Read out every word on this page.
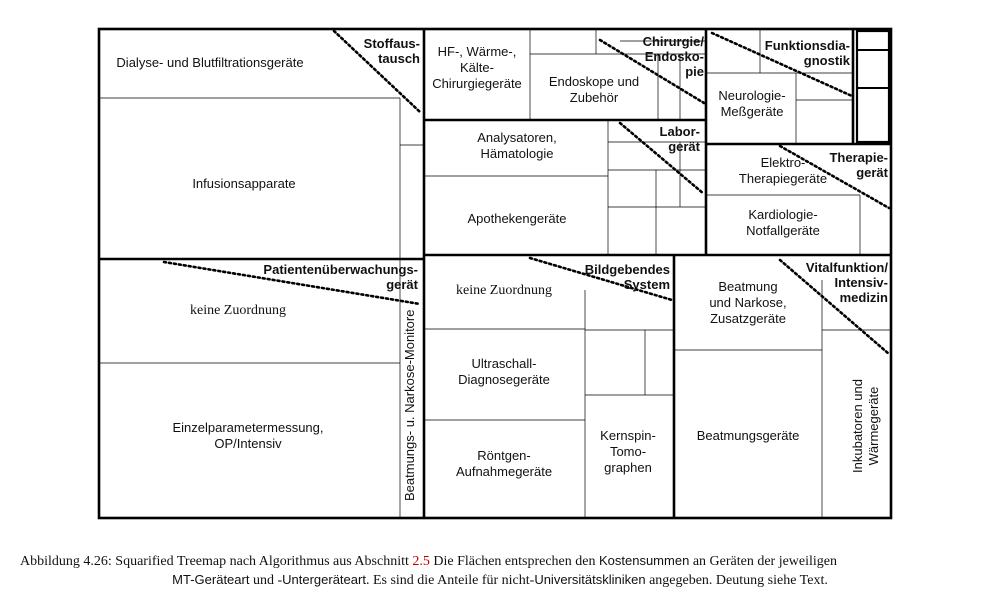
Dialyse- und Blutfiltrationsgeräte
Infusionsapparate
HF-, Wärme-,
Kälte-
Chirurgiegeräte	Endoskope und
Zubehör	Neurologie-
Meßgeräte
Analysatoren,
Hämatologie
Apothekengeräte
Elektro-
Therapiegeräte
Kardiologie-
Notfallgeräte
keine Zuordnung
Einzelparametermessung,
OP/Intensiv	Beatmungs- u. Narkose-Monitore
keine Zuordnung
Ultraschall-
Diagnosegeräte
Röntgen-
Aufnahmegeräte
Kernspin-
Tomo-
graphen
Beatmung
und Narkose,
Zusatzgeräte
Beatmungsgeräte	Inkubatoren und
Wärmegeräte
Stoffaus-
tausch
Chirurgie/
Endosko-
pie
Funktionsdia-
gnostik
Labor-
gerät
Therapie-
gerät
Patientenüberwachungs-
gerät
Bildgebendes
System
Vitalfunktion/
Intensiv-
medizin
Abbildung 4.26: Squarified Treemap nach Algorithmus aus Abschnitt 2.5 Die Flächen entsprechen den Kostensummen an Geräten der jeweiligen
MT-Geräteart und -Untergeräteart. Es sind die Anteile für nicht-Universitätskliniken angegeben. Deutung siehe Text.
